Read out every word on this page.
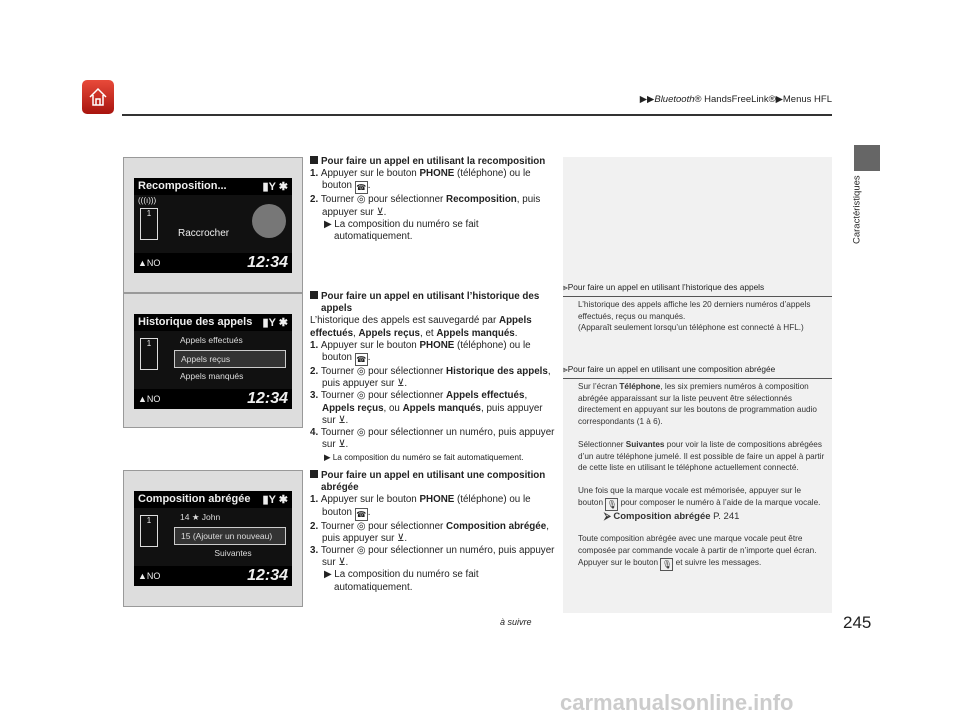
▶▶Bluetooth® HandsFreeLink®▶Menus HFL
Caractéristiques
Recomposition...	▮Y ✱
(((ı)))
1
Raccrocher
▲NO	12:34
Historique des appels ▮Y ✱
1	Appels effectués
Appels reçus
Appels manqués
▲NO	12:34
Composition abrégée ▮Y ✱
1	14 ★ John
15 (Ajouter un nouveau)
Suivantes
▲NO	12:34
Pour faire un appel en utilisant la recomposition
1. Appuyer sur le bouton PHONE (téléphone) ou le bouton ☎ .
2. Tourner ◎ pour sélectionner Recomposition, puis appuyer sur ⊻.
▶ La composition du numéro se fait automatiquement.
Pour faire un appel en utilisant l’historique des appels
L’historique des appels est sauvegardé par Appels effectués, Appels reçus, et Appels manqués.
1. Appuyer sur le bouton PHONE (téléphone) ou le bouton ☎ .
2. Tourner ◎ pour sélectionner Historique des appels, puis appuyer sur ⊻.
3. Tourner ◎ pour sélectionner Appels effectués, Appels reçus, ou Appels manqués, puis appuyer sur ⊻.
4. Tourner ◎ pour sélectionner un numéro, puis appuyer sur ⊻.
▶ La composition du numéro se fait automatiquement.
Pour faire un appel en utilisant une composition abrégée
1. Appuyer sur le bouton PHONE (téléphone) ou le bouton ☎ .
2. Tourner ◎ pour sélectionner Composition abrégée, puis appuyer sur ⊻.
3. Tourner ◎ pour sélectionner un numéro, puis appuyer sur ⊻.
▶ La composition du numéro se fait automatiquement.
⪢Pour faire un appel en utilisant l’historique des appels
L’historique des appels affiche les 20 derniers numéros d’appels effectués, reçus ou manqués.
(Apparaît seulement lorsqu’un téléphone est connecté à HFL.)
⪢Pour faire un appel en utilisant une composition abrégée

Sur l’écran Téléphone, les six premiers numéros à composition abrégée apparaissant sur la liste peuvent être sélectionnés directement en appuyant sur les boutons de programmation audio correspondants (1 à 6).

Sélectionner Suivantes pour voir la liste de compositions abrégées d’un autre téléphone jumelé. Il est possible de faire un appel à partir de cette liste en utilisant le téléphone actuellement connecté.

Une fois que la marque vocale est mémorisée, appuyer sur le bouton 🎙 pour composer le numéro à l’aide de la marque vocale.

⮚ Composition abrégée P. 241

Toute composition abrégée avec une marque vocale peut être composée par commande vocale à partir de n’importe quel écran.
Appuyer sur le bouton 🎙 et suivre les messages.

à suivre	245
carmanualsonline.info
